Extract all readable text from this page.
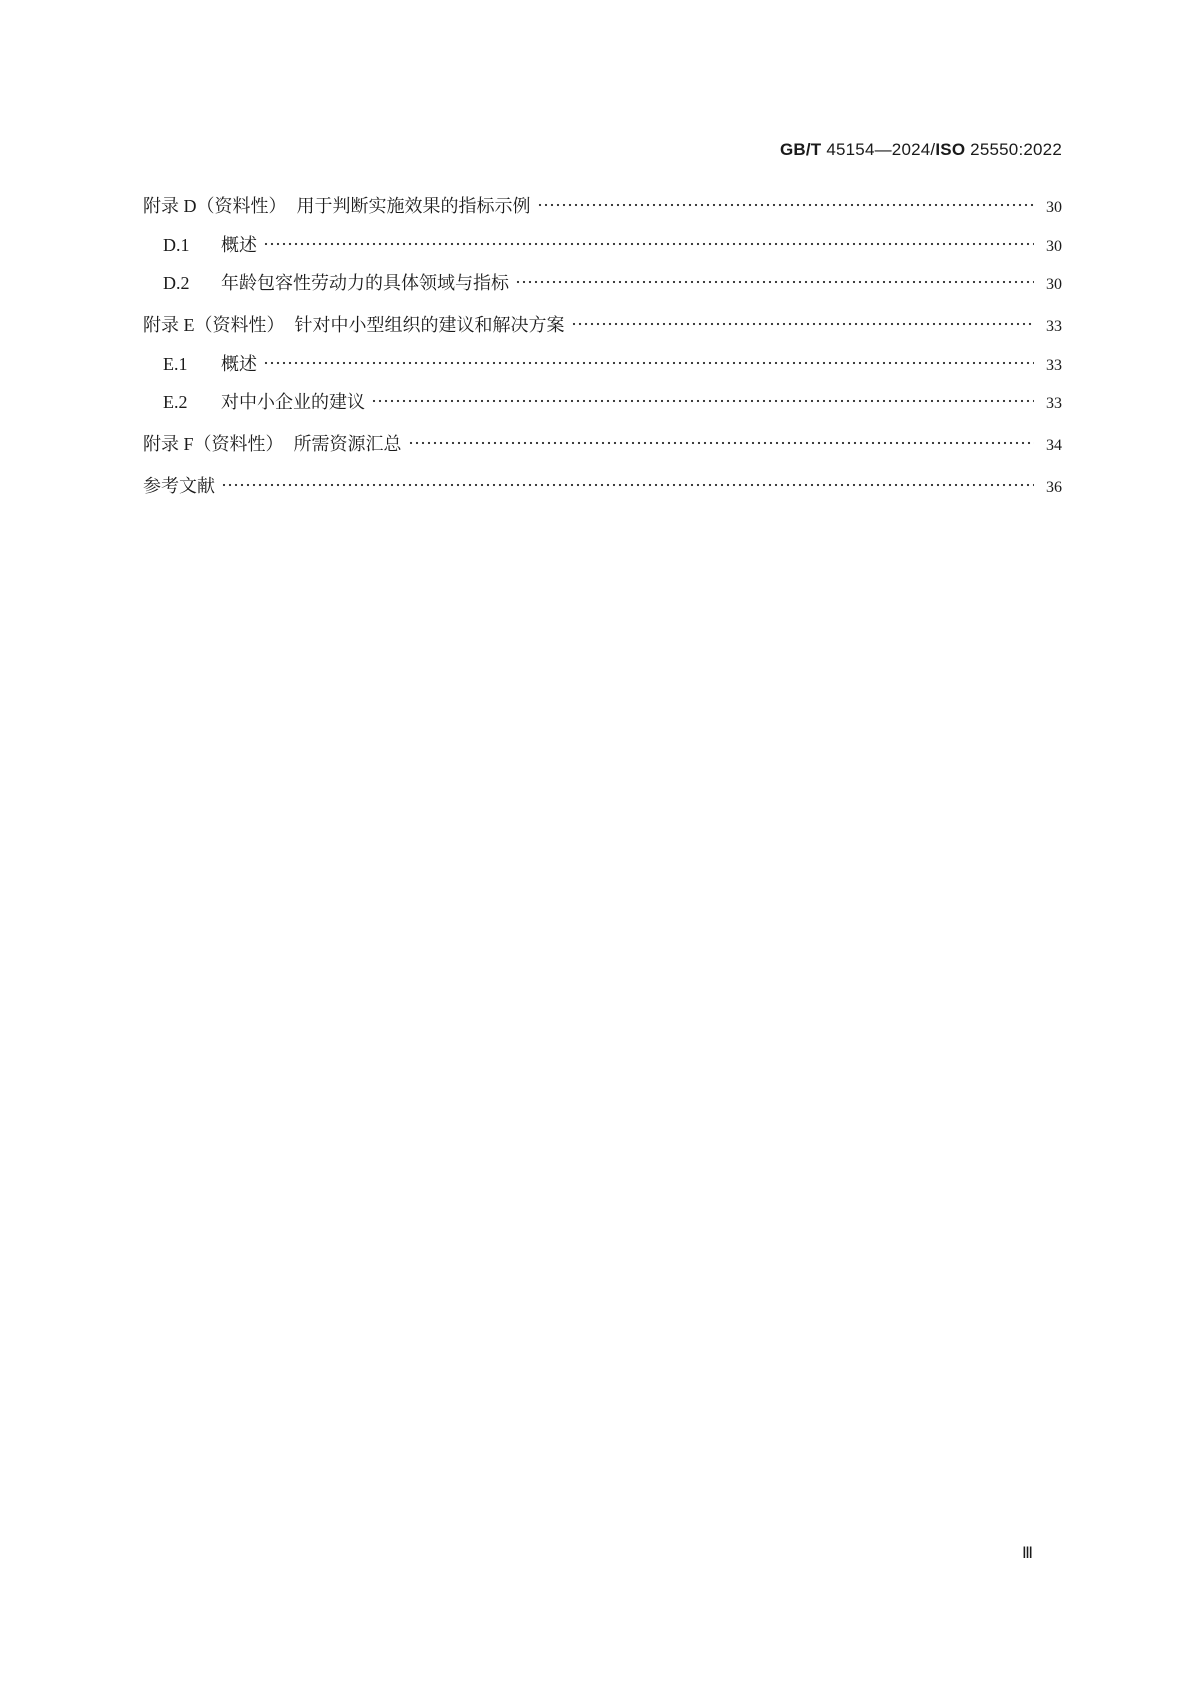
GB/T 45154—2024/ISO 25550:2022
附录 D（资料性） 用于判断实施效果的指标示例	30
D.1	概述	30
D.2	年龄包容性劳动力的具体领域与指标	30
附录 E（资料性） 针对中小型组织的建议和解决方案	33
E.1	概述	33
E.2	对中小企业的建议	33
附录 F（资料性） 所需资源汇总	34
参考文献	36
Ⅲ
